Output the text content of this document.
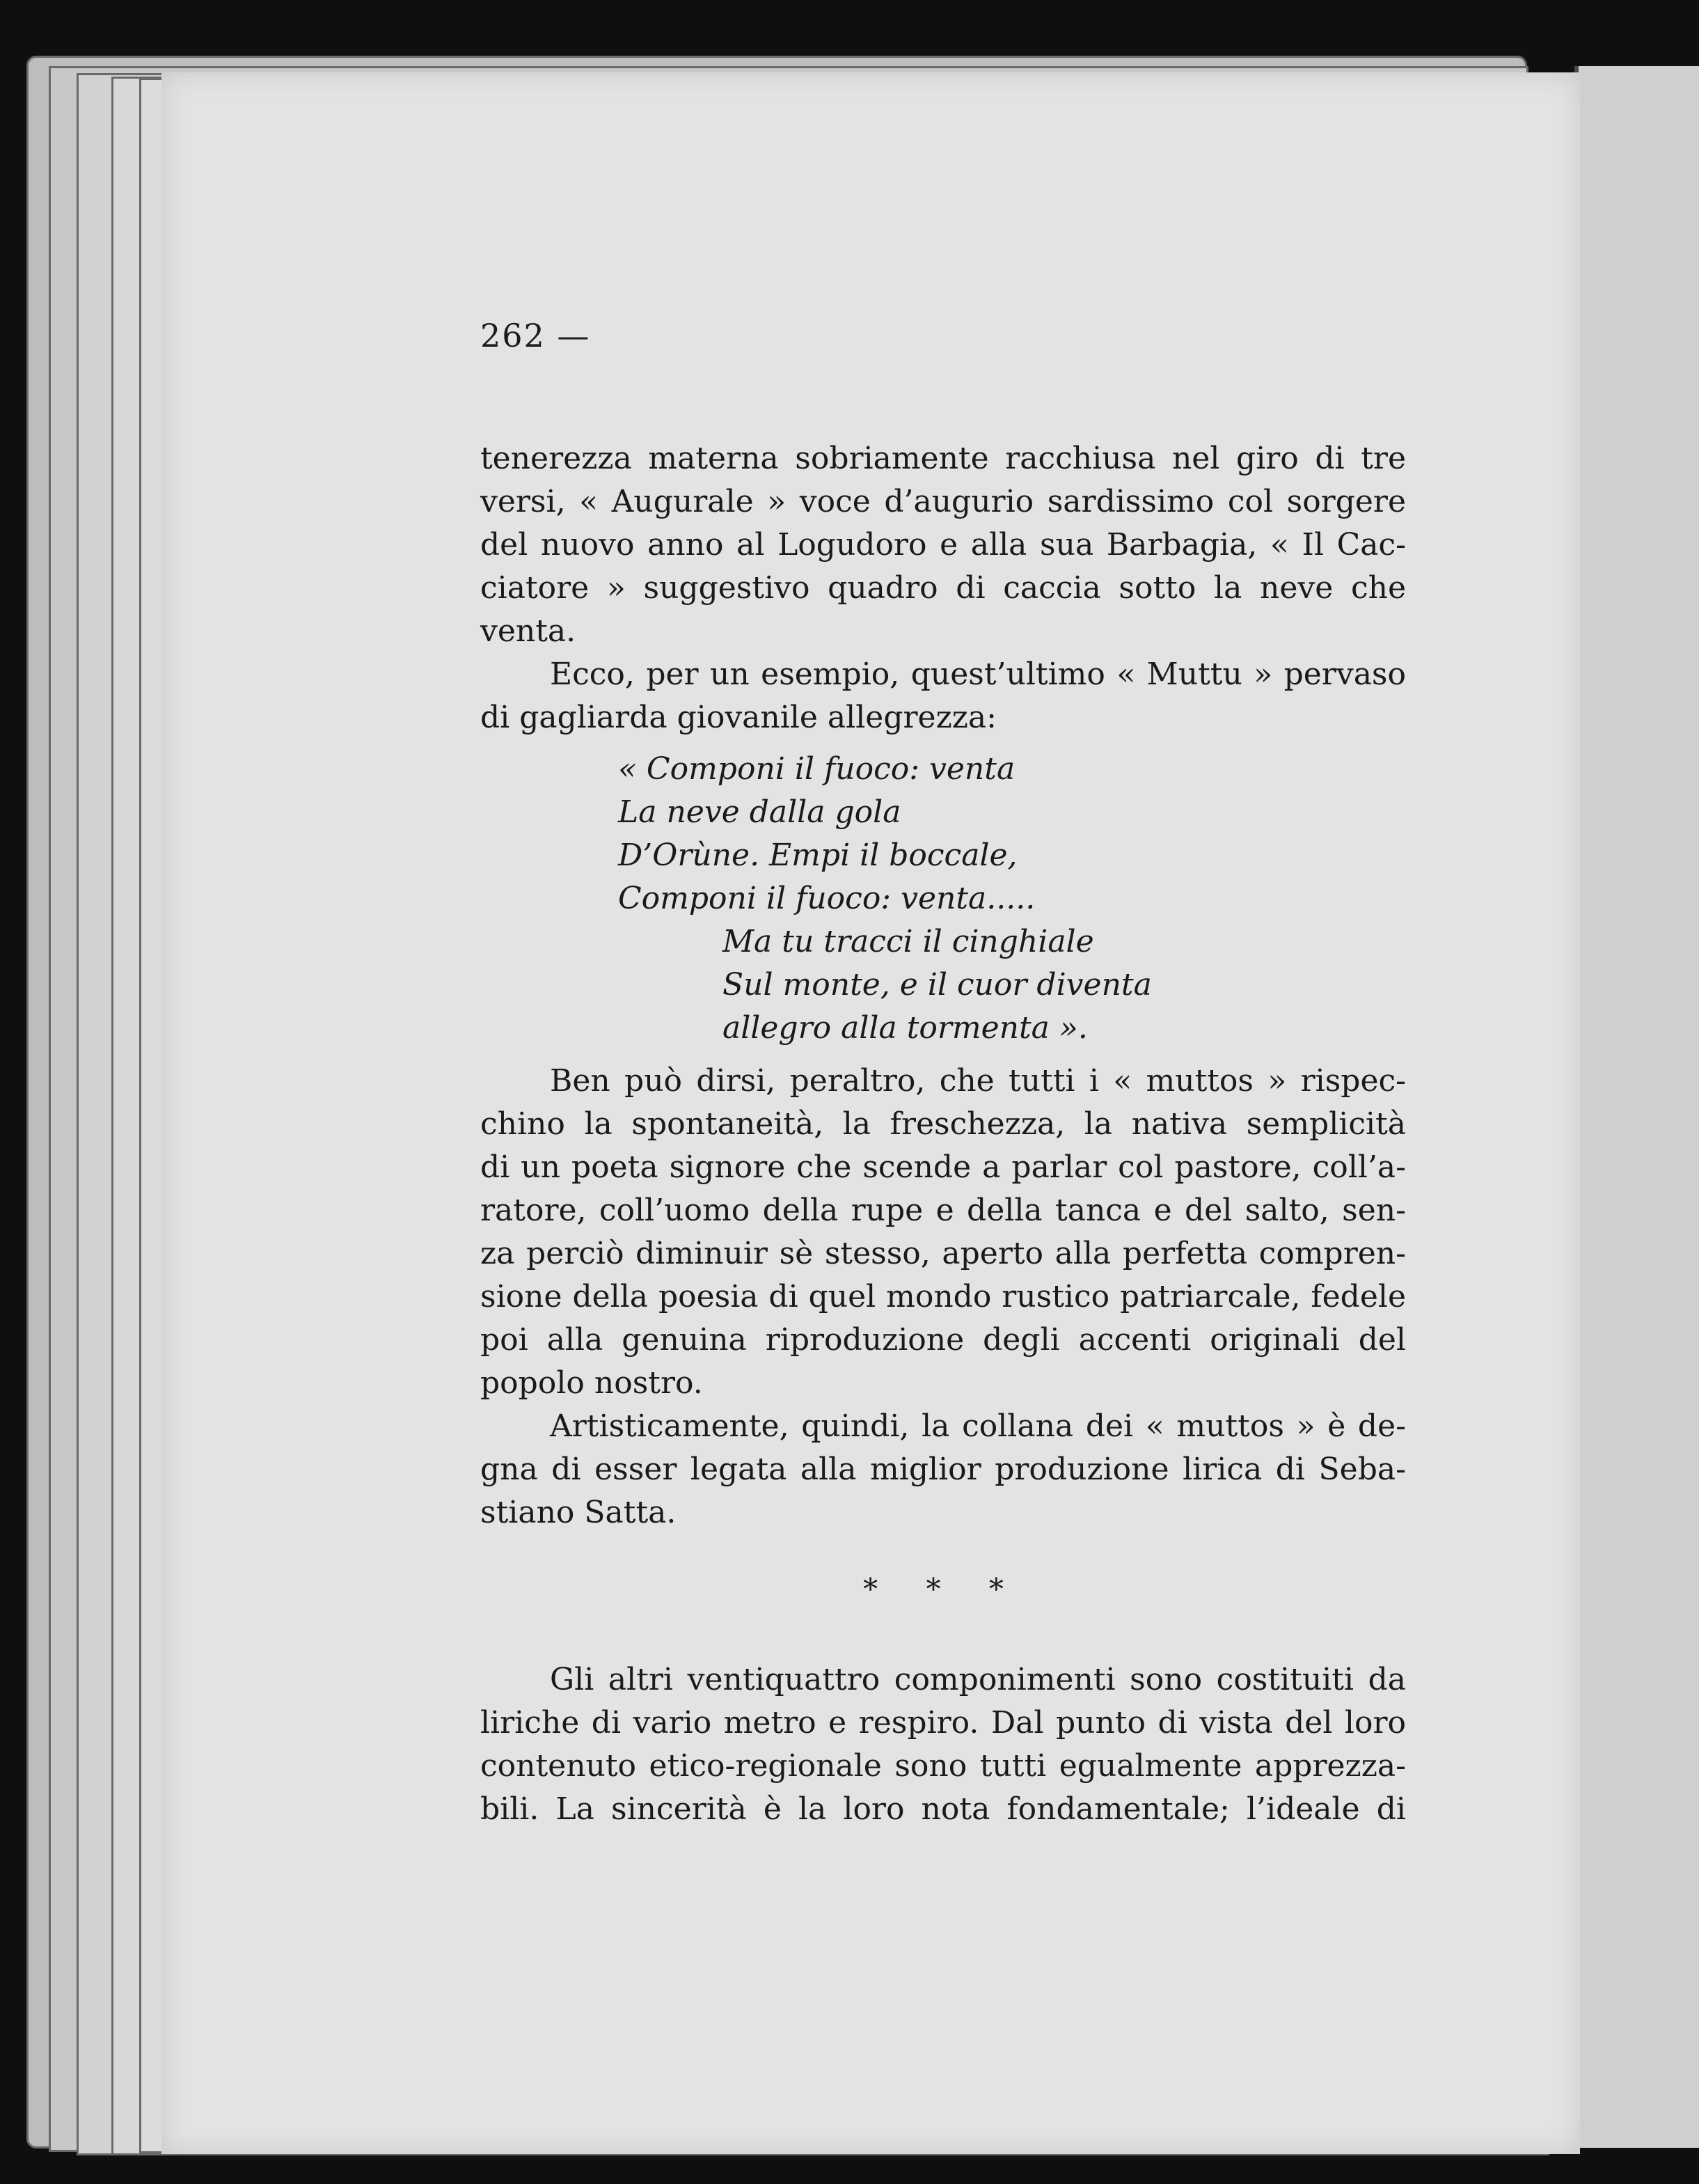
262 —
tenerezza materna sobriamente racchiusa nel giro di tre
versi, « Augurale » voce d’augurio sardissimo col sorgere
del nuovo anno al Logudoro e alla sua Barbagia, « Il Cac-
ciatore » suggestivo quadro di caccia sotto la neve che
venta.
Ecco, per un esempio, quest’ultimo « Muttu » pervaso
di gagliarda giovanile allegrezza:
« Componi il fuoco: venta
La neve dalla gola
D’Orùne. Empi il boccale,
Componi il fuoco: venta.....
Ma tu tracci il cinghiale
Sul monte, e il cuor diventa
allegro alla tormenta ».
Ben può dirsi, peraltro, che tutti i « muttos » rispec-
chino la spontaneità, la freschezza, la nativa semplicità
di un poeta signore che scende a parlar col pastore, coll’a-
ratore, coll’uomo della rupe e della tanca e del salto, sen-
za perciò diminuir sè stesso, aperto alla perfetta compren-
sione della poesia di quel mondo rustico patriarcale, fedele
poi alla genuina riproduzione degli accenti originali del
popolo nostro.
Artisticamente, quindi, la collana dei « muttos » è de-
gna di esser legata alla miglior produzione lirica di Seba-
stiano Satta.
* * *
Gli altri ventiquattro componimenti sono costituiti da
liriche di vario metro e respiro. Dal punto di vista del loro
contenuto etico-regionale sono tutti egualmente apprezza-
bili. La sincerità è la loro nota fondamentale; l’ideale di
